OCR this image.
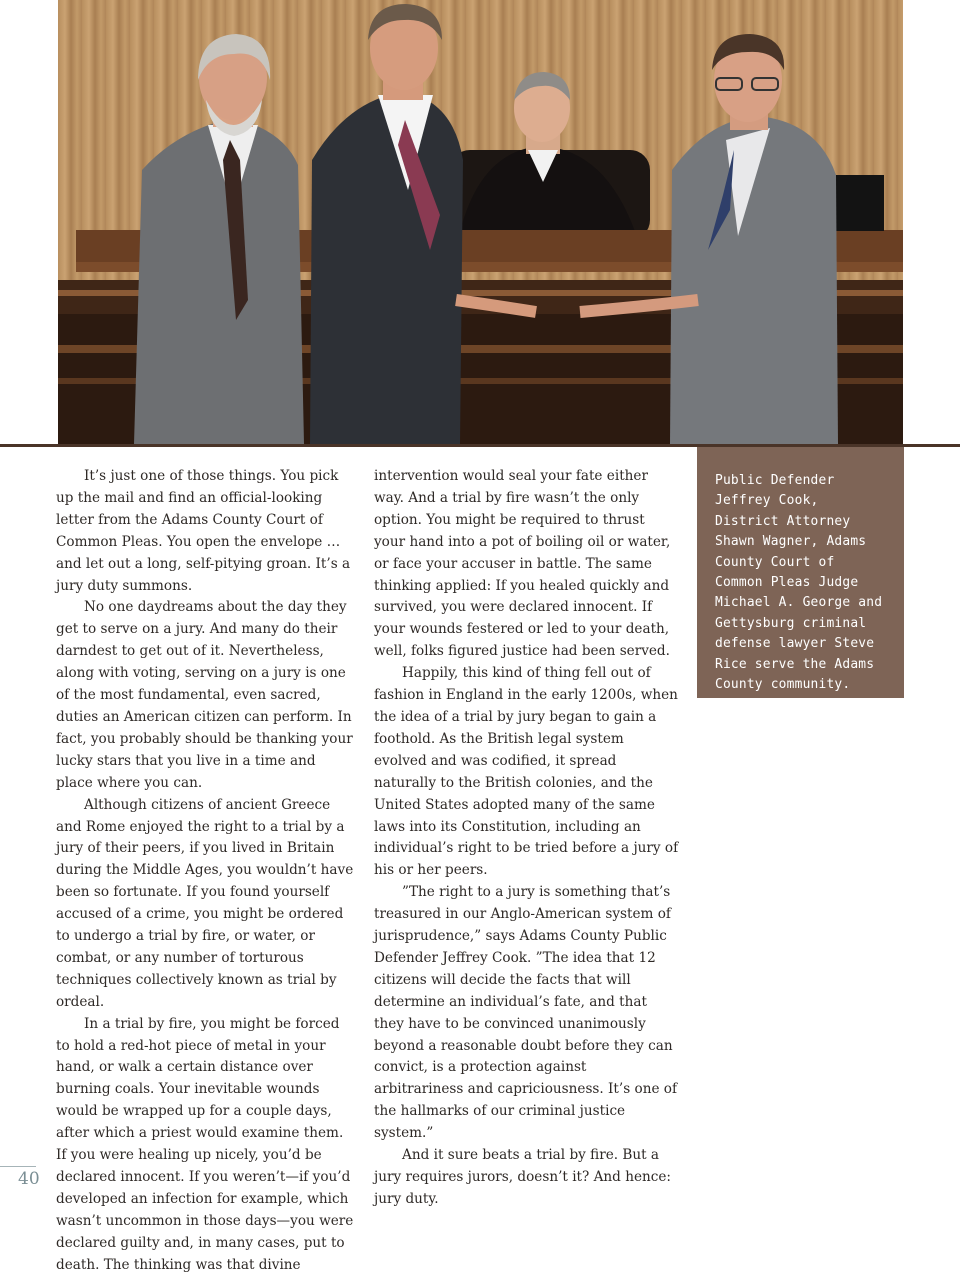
Public Defender Jeffrey Cook, District Attorney Shawn Wagner, Adams County Court of Common Pleas Judge Michael A. George and Gettysburg criminal defense lawyer Steve Rice serve the Adams County community.

It’s just one of those things. You pick up the mail and find an official-looking letter from the Adams County Court of Common Pleas. You open the envelope … and let out a long, self-pitying groan. It’s a jury duty summons.

No one daydreams about the day they get to serve on a jury. And many do their darndest to get out of it. Nevertheless, along with voting, serving on a jury is one of the most fundamental, even sacred, duties an American citizen can perform. In fact, you probably should be thanking your lucky stars that you live in a time and place where you can.

Although citizens of ancient Greece and Rome enjoyed the right to a trial by a jury of their peers, if you lived in Britain during the Middle Ages, you wouldn’t have been so fortunate. If you found yourself accused of a crime, you might be ordered to undergo a trial by fire, or water, or combat, or any number of torturous techniques collectively known as trial by ordeal.

In a trial by fire, you might be forced to hold a red-hot piece of metal in your hand, or walk a certain distance over burning coals. Your inevitable wounds would be wrapped up for a couple days, after which a priest would examine them. If you were healing up nicely, you’d be declared innocent. If you weren’t—if you’d developed an infection for example, which wasn’t uncommon in those days—you were declared guilty and, in many cases, put to death. The thinking was that divine

intervention would seal your fate either way. And a trial by fire wasn’t the only option. You might be required to thrust your hand into a pot of boiling oil or water, or face your accuser in battle. The same thinking applied: If you healed quickly and survived, you were declared innocent. If your wounds festered or led to your death, well, folks figured justice had been served.

Happily, this kind of thing fell out of fashion in England in the early 1200s, when the idea of a trial by jury began to gain a foothold. As the British legal system evolved and was codified, it spread naturally to the British colonies, and the United States adopted many of the same laws into its Constitution, including an individual’s right to be tried before a jury of his or her peers.

”The right to a jury is something that’s treasured in our Anglo-American system of jurisprudence,” says Adams County Public Defender Jeffrey Cook. ”The idea that 12 citizens will decide the facts that will determine an individual’s fate, and that they have to be convinced unanimously beyond a reasonable doubt before they can convict, is a protection against arbitrariness and capriciousness. It’s one of the hallmarks of our criminal justice system.”

And it sure beats a trial by fire. But a jury requires jurors, doesn’t it? And hence: jury duty.

40
